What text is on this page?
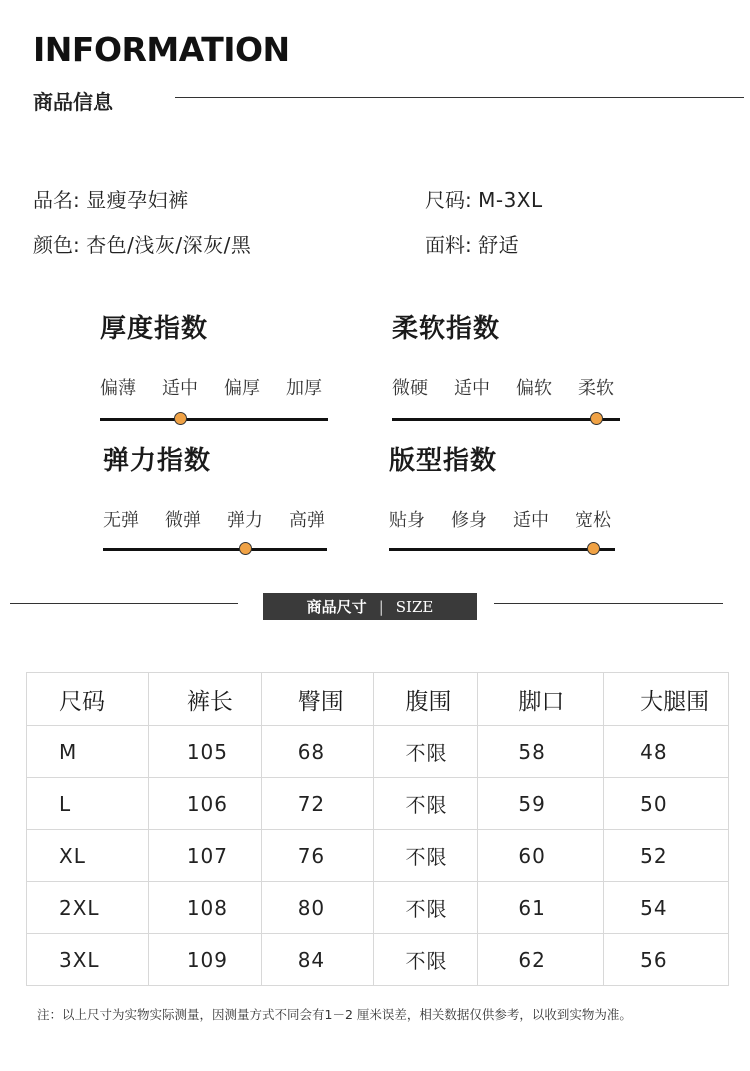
INFORMATION
商品信息
品名: 显瘦孕妇裤	尺码: M-3XL
颜色: 杏色/浅灰/深灰/黑	面料: 舒适
厚度指数
偏薄	适中	偏厚	加厚
柔软指数
微硬	适中	偏软	柔软
弹力指数
无弹	微弹	弹力	高弹
版型指数
贴身	修身	适中	宽松
商品尺寸 | SIZE
尺码	裤长	臀围	腹围	脚口	大腿围
M	105	68	不限	58	48
L	106	72	不限	59	50
XL	107	76	不限	60	52
2XL	108	80	不限	61	54
3XL	109	84	不限	62	56
注：以上尺寸为实物实际测量，因测量方式不同会有1－2 厘米误差，相关数据仅供参考，以收到实物为准。
